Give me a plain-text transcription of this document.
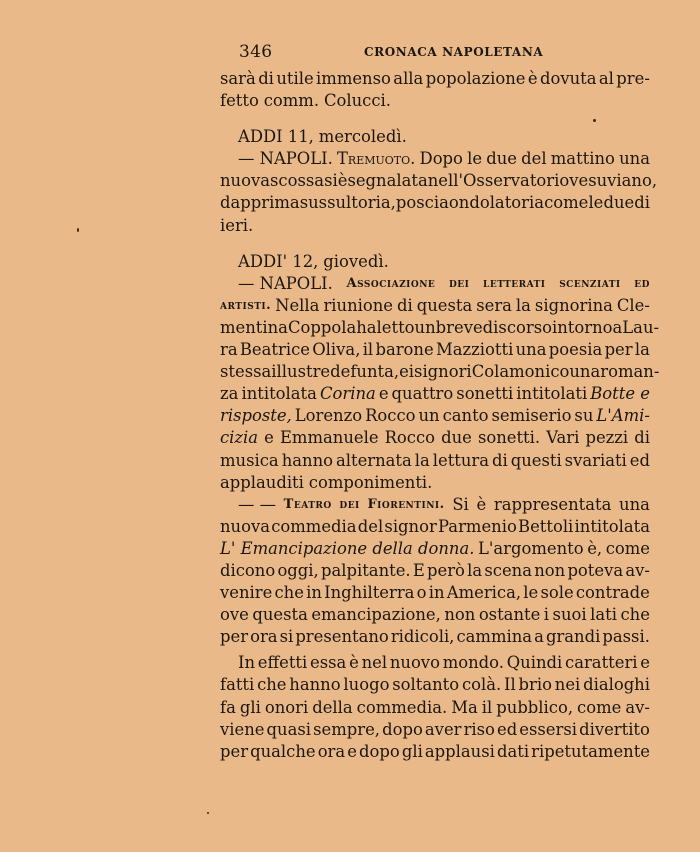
346	CRONACA NAPOLETANA
sarà di utile immenso alla popolazione è dovuta al pre-
fetto comm. Colucci.
ADDI 11, mercoledì.
— NAPOLI. Tremuoto. Dopo le due del mattino una
nuova scossa si è segnalata nell'Osservatorio vesuviano,
dapprima sussultoria, poscia ondolatoria come le due di
ieri.
ADDI' 12, giovedì.
— NAPOLI. Associazione dei letterati scenziati ed
artisti. Nella riunione di questa sera la signorina Cle-
mentinaCoppolahaletto un breve discorso intorno a Lau-
ra Beatrice Oliva, il barone Mazziotti una poesia per la
stessa illustre defunta, e i signori Colamonico una roman-
za intitolata Corina e quattro sonetti intitolati Botte e
risposte, Lorenzo Rocco un canto semiserio su L'Ami-
cizia e Emmanuele Rocco due sonetti. Vari pezzi di
musica hanno alternata la lettura di questi svariati ed
applauditi componimenti.
— — Teatro dei Fiorentini. Si è rappresentata una
nuova commedia del signor Parmenio Bettoli intitolata
L' Emancipazione della donna. L'argomento è, come
dicono oggi, palpitante. E però la scena non poteva av-
venire che in Inghilterra o in America, le sole contrade
ove questa emancipazione, non ostante i suoi lati che
per ora si presentano ridicoli, cammina a grandi passi.
In effetti essa è nel nuovo mondo. Quindi caratteri e
fatti che hanno luogo soltanto colà. Il brio nei dialoghi
fa gli onori della commedia. Ma il pubblico, come av-
viene quasi sempre, dopo aver riso ed essersi divertito
per qualche ora e dopo gli applausi dati ripetutamente
